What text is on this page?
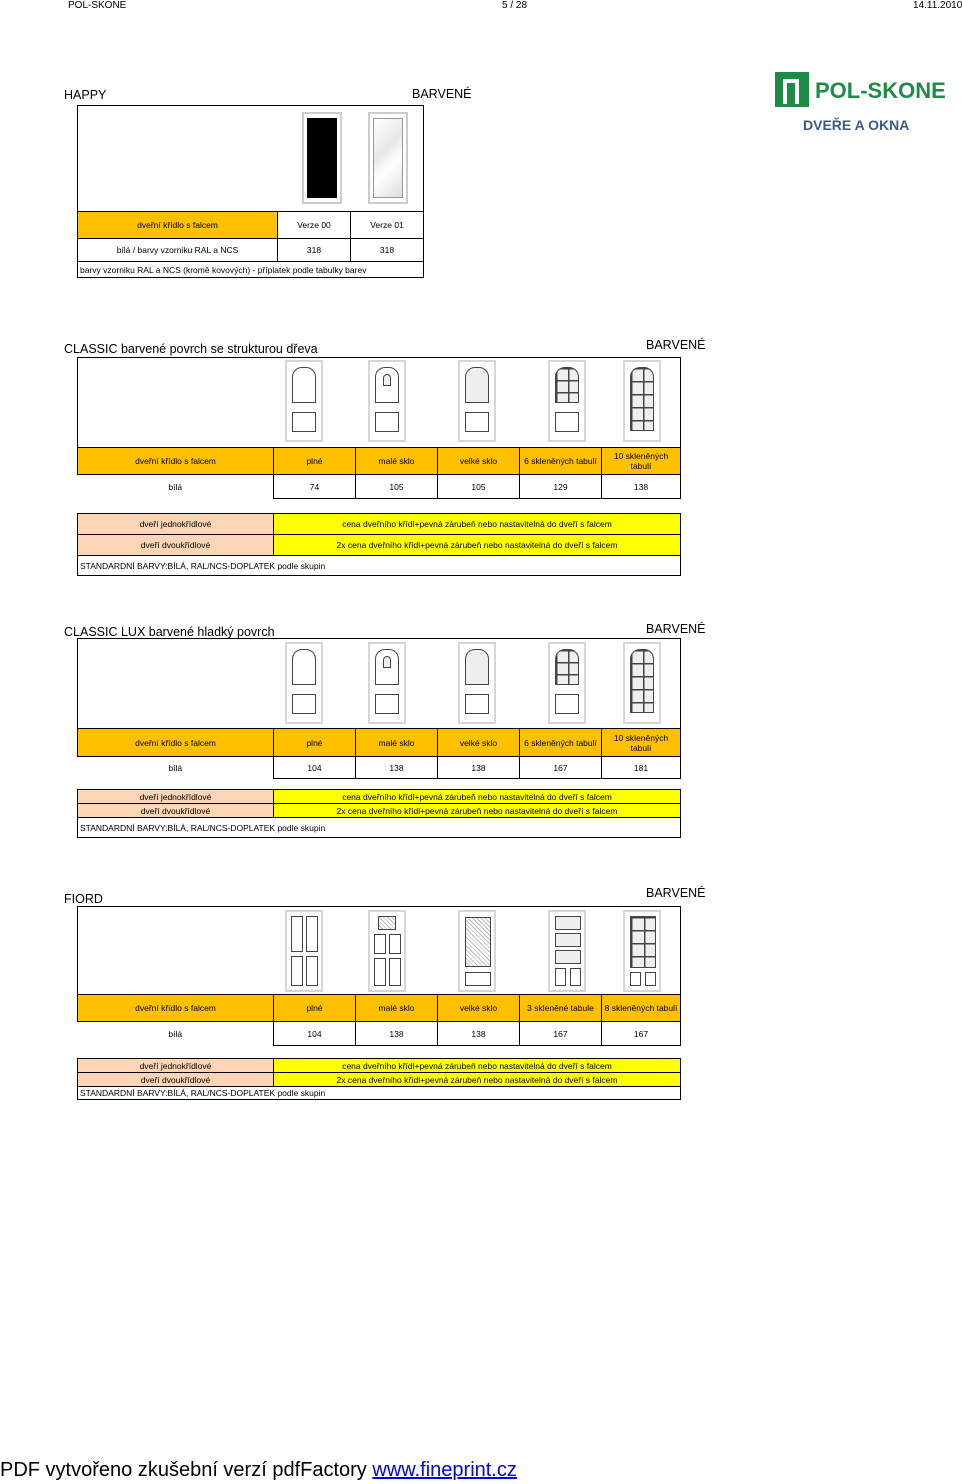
POL-SKONE	5 / 28	14.11.2010
POL-SKONE
DVEŘE A OKNA
HAPPY	BARVENÉ
dveřní křídlo s falcem	Verze 00	Verze 01
bílá / barvy vzorniku RAL a NCS	318	318
barvy vzorniku RAL a NCS (kromě kovových) - příplatek podle tabulky barev		
CLASSIC barvené povrch se strukturou dřeva	BARVENÉ
dveřní křídlo s falcem	plné	malé sklo	velké sklo	6 skleněných tabulí	10 skleněných tabulí
bílá	74	105	105	129	138
dveří jednokřídlové	cena dveřního křídl+pevná zárubeň nebo nastavitelná do dveří s falcem
dveří dvoukřídlové	2x cena dveřního křídl+pevná zárubeň nebo nastavitelná do dveří s falcem
STANDARDNÍ BARVY:BÍLÁ, RAL/NCS-DOPLATEK podle skupin	
CLASSIC LUX barvené hladký povrch	BARVENÉ
dveřní křídlo s falcem	plné	malé sklo	velké sklo	6 skleněných tabulí	10 skleněných tabulí
bílá	104	138	138	167	181
dveří jednokřídlové	cena dveřního křídl+pevná zárubeň nebo nastavitelná do dveří s falcem
dveří dvoukřídlové	2x cena dveřního křídl+pevná zárubeň nebo nastavitelná do dveří s falcem
STANDARDNÍ BARVY:BÍLÁ, RAL/NCS-DOPLATEK podle skupin	
FIORD	BARVENÉ
dveřní křídlo s falcem	plné	malé sklo	velké sklo	3 skleněné tabule	8 skleněných tabulí
bílá	104	138	138	167	167
dveří jednokřídlové	cena dveřního křídl+pevná zárubeň nebo nastavitelná do dveří s falcem
dveří dvoukřídlové	2x cena dveřního křídl+pevná zárubeň nebo nastavitelná do dveří s falcem
STANDARDNÍ BARVY:BÍLÁ, RAL/NCS-DOPLATEK podle skupin	
PDF vytvořeno zkušební verzí pdfFactory www.fineprint.cz
